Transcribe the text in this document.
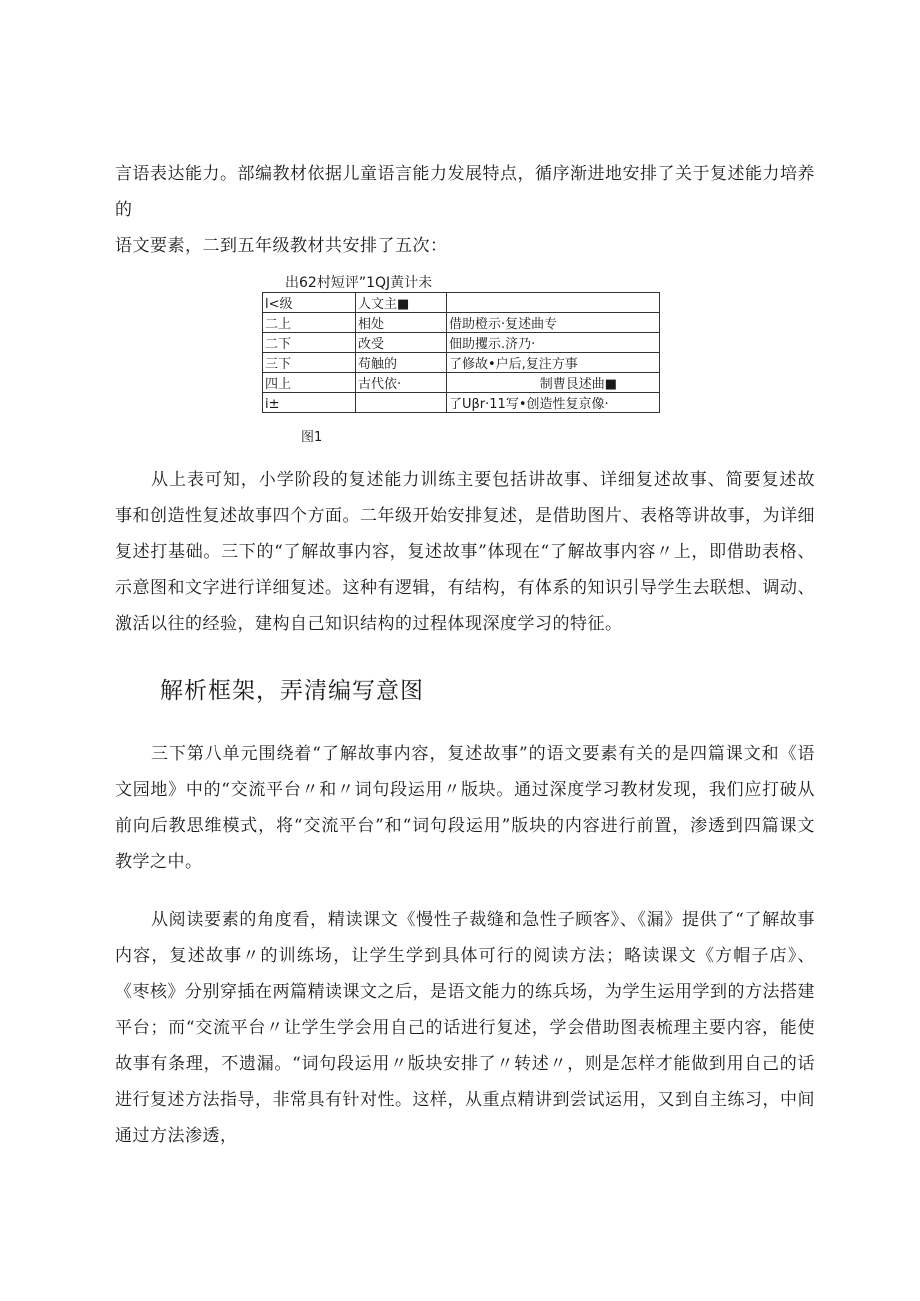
言语表达能力。部编教材依据儿童语言能力发展特点，循序渐进地安排了关于复述能力培养的
语文要素，二到五年级教材共安排了五次：

出62村短评”1QJ黄计未

l<级	人文主■	
二上	相处	借助橙示·复述曲专
二下	改受	佃助攫示.济乃·
三下	苟触的	了修故•户后,复注方事
四上	古代依·	制曹艮述曲■
i±		了Uβr·11写•创造性复京像·

图1

从上表可知，小学阶段的复述能力训练主要包括讲故事、详细复述故事、简要复述故事和创造性复述故事四个方面。二年级开始安排复述，是借助图片、表格等讲故事，为详细复述打基础。三下的“了解故事内容，复述故事”体现在“了解故事内容〃上，即借助表格、示意图和文字进行详细复述。这种有逻辑，有结构，有体系的知识引导学生去联想、调动、激活以往的经验，建构自己知识结构的过程体现深度学习的特征。

解析框架，弄清编写意图

三下第八单元围绕着“了解故事内容，复述故事”的语文要素有关的是四篇课文和《语文园地》中的“交流平台〃和〃词句段运用〃版块。通过深度学习教材发现，我们应打破从前向后教思维模式，将“交流平台”和“词句段运用”版块的内容进行前置，渗透到四篇课文教学之中。

从阅读要素的角度看，精读课文《慢性子裁缝和急性子顾客》、《漏》提供了“了解故事内容，复述故事〃的训练场，让学生学到具体可行的阅读方法；略读课文《方帽子店》、《枣核》分别穿插在两篇精读课文之后，是语文能力的练兵场，为学生运用学到的方法搭建平台；而“交流平台〃让学生学会用自己的话进行复述，学会借助图表梳理主要内容，能使故事有条理，不遗漏。“词句段运用〃版块安排了〃转述〃，则是怎样才能做到用自己的话进行复述方法指导，非常具有针对性。这样，从重点精讲到尝试运用，又到自主练习，中间通过方法渗透，
